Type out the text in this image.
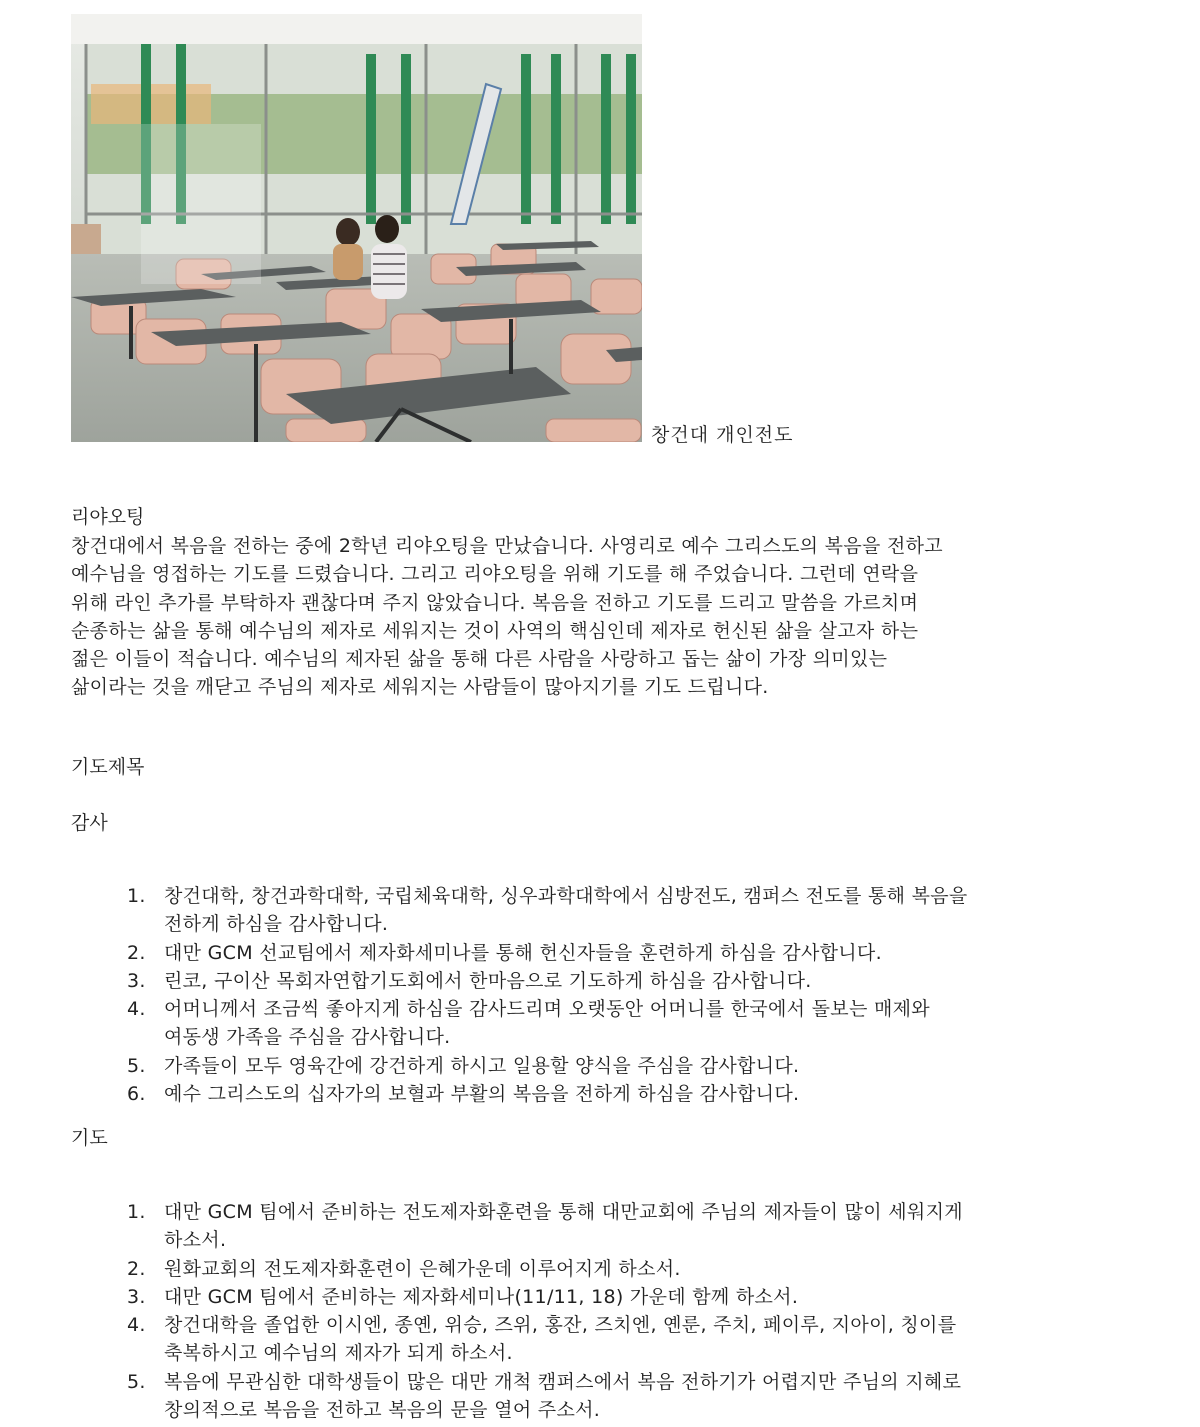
창건대 개인전도
리야오팅
창건대에서 복음을 전하는 중에 2학년 리야오팅을 만났습니다. 사영리로 예수 그리스도의 복음을 전하고
예수님을 영접하는 기도를 드렸습니다. 그리고 리야오팅을 위해 기도를 해 주었습니다. 그런데 연락을
위해 라인 추가를 부탁하자 괜찮다며 주지 않았습니다. 복음을 전하고 기도를 드리고 말씀을 가르치며
순종하는 삶을 통해 예수님의 제자로 세워지는 것이 사역의 핵심인데 제자로 헌신된 삶을 살고자 하는
젊은 이들이 적습니다. 예수님의 제자된 삶을 통해 다른 사람을 사랑하고 돕는 삶이 가장 의미있는
삶이라는 것을 깨닫고 주님의 제자로 세워지는 사람들이 많아지기를 기도 드립니다.
기도제목
감사
1. 창건대학, 창건과학대학, 국립체육대학, 싱우과학대학에서 심방전도, 캠퍼스 전도를 통해 복음을
전하게 하심을 감사합니다.
2. 대만 GCM 선교팀에서 제자화세미나를 통해 헌신자들을 훈련하게 하심을 감사합니다.
3. 린코, 구이산 목회자연합기도회에서 한마음으로 기도하게 하심을 감사합니다.
4. 어머니께서 조금씩 좋아지게 하심을 감사드리며 오랫동안 어머니를 한국에서 돌보는 매제와
여동생 가족을 주심을 감사합니다.
5. 가족들이 모두 영육간에 강건하게 하시고 일용할 양식을 주심을 감사합니다.
6. 예수 그리스도의 십자가의 보혈과 부활의 복음을 전하게 하심을 감사합니다.
기도
1. 대만 GCM 팀에서 준비하는 전도제자화훈련을 통해 대만교회에 주님의 제자들이 많이 세워지게
하소서.
2. 원화교회의 전도제자화훈련이 은혜가운데 이루어지게 하소서.
3. 대만 GCM 팀에서 준비하는 제자화세미나(11/11, 18) 가운데 함께 하소서.
4. 창건대학을 졸업한 이시엔, 종옌, 위승, 즈위, 홍잔, 즈치엔, 옌룬, 주치, 페이루, 지아이, 칭이를
축복하시고 예수님의 제자가 되게 하소서.
5. 복음에 무관심한 대학생들이 많은 대만 개척 캠퍼스에서 복음 전하기가 어렵지만 주님의 지혜로
창의적으로 복음을 전하고 복음의 문을 열어 주소서.
